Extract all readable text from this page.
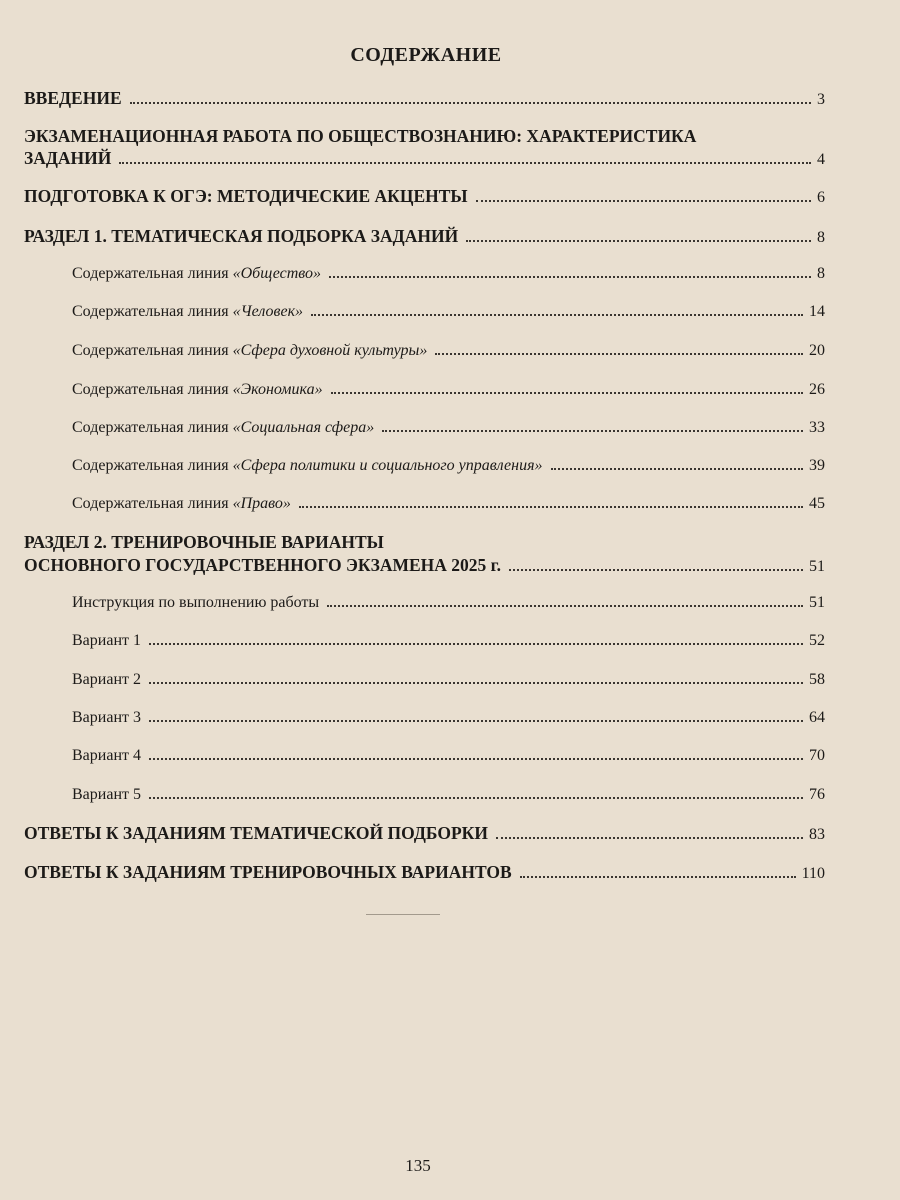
СОДЕРЖАНИЕ
ВВЕДЕНИЕ	3
ЭКЗАМЕНАЦИОННАЯ РАБОТА ПО ОБЩЕСТВОЗНАНИЮ: ХАРАКТЕРИСТИКА
ЗАДАНИЙ	4
ПОДГОТОВКА К ОГЭ: МЕТОДИЧЕСКИЕ АКЦЕНТЫ	6
РАЗДЕЛ 1. ТЕМАТИЧЕСКАЯ ПОДБОРКА ЗАДАНИЙ	8
Содержательная линия «Общество»	8
Содержательная линия «Человек»	14
Содержательная линия «Сфера духовной культуры»	20
Содержательная линия «Экономика»	26
Содержательная линия «Социальная сфера»	33
Содержательная линия «Сфера политики и социального управления»	39
Содержательная линия «Право»	45
РАЗДЕЛ 2. ТРЕНИРОВОЧНЫЕ ВАРИАНТЫ
ОСНОВНОГО ГОСУДАРСТВЕННОГО ЭКЗАМЕНА 2025 г.	51
Инструкция по выполнению работы	51
Вариант 1	52
Вариант 2	58
Вариант 3	64
Вариант 4	70
Вариант 5	76
ОТВЕТЫ К ЗАДАНИЯМ ТЕМАТИЧЕСКОЙ ПОДБОРКИ	83
ОТВЕТЫ К ЗАДАНИЯМ ТРЕНИРОВОЧНЫХ ВАРИАНТОВ	110
135
